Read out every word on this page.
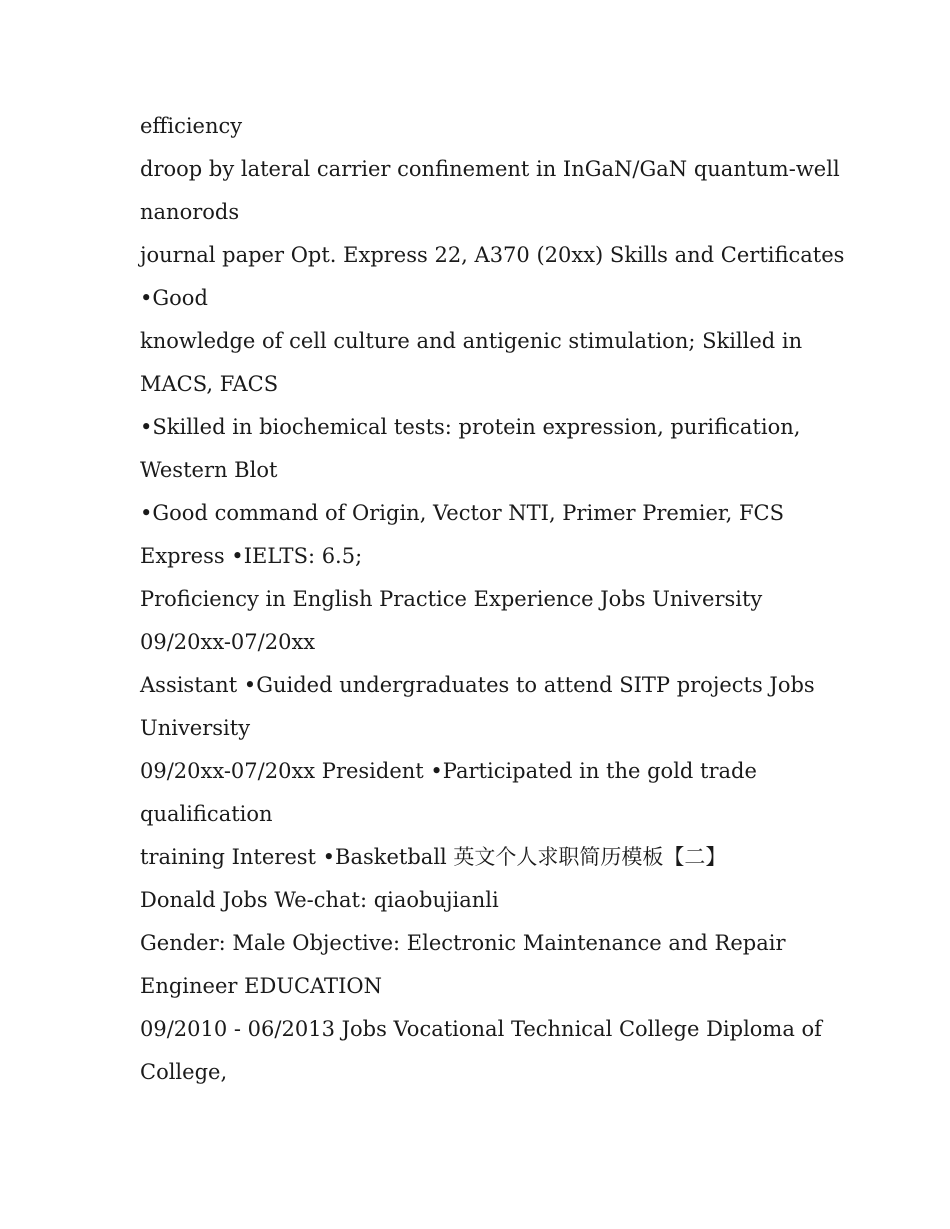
efficiency
droop by lateral carrier confinement in InGaN/GaN quantum-well
nanorods
journal paper Opt. Express 22, A370 (20xx) Skills and Certificates
•Good
knowledge of cell culture and antigenic stimulation; Skilled in
MACS, FACS
•Skilled in biochemical tests: protein expression, purification,
Western Blot
•Good command of Origin, Vector NTI, Primer Premier, FCS
Express •IELTS: 6.5;
Proficiency in English Practice Experience Jobs University
09/20xx-07/20xx
Assistant •Guided undergraduates to attend SITP projects Jobs
University
09/20xx-07/20xx President •Participated in the gold trade
qualification
training Interest •Basketball 英文个人求职简历模板【二】
Donald Jobs We-chat: qiaobujianli
Gender: Male Objective: Electronic Maintenance and Repair
Engineer EDUCATION
09/2010 - 06/2013 Jobs Vocational Technical College Diploma of
College,
